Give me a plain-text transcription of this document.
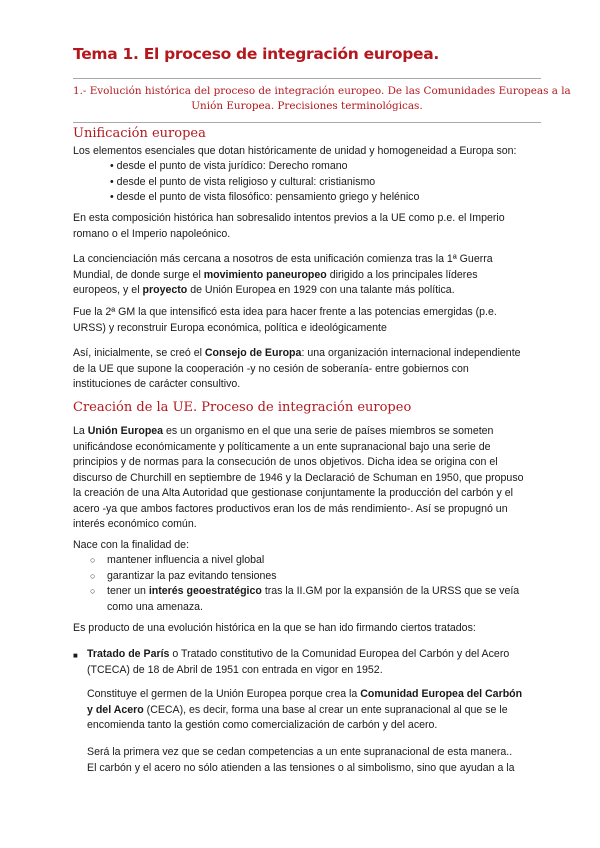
Tema 1. El proceso de integración europea.
1.- Evolución histórica del proceso de integración europeo. De las Comunidades Europeas a la
Unión Europea. Precisiones terminológicas.
Unificación europea
Los elementos esenciales que dotan históricamente de unidad y homogeneidad a Europa son:
• desde el punto de vista jurídico: Derecho romano
• desde el punto de vista religioso y cultural: cristianismo
• desde el punto de vista filosófico: pensamiento griego y helénico
En esta composición histórica han sobresalido intentos previos a la UE como p.e. el Imperio
romano o el Imperio napoleónico.
La concienciación más cercana a nosotros de esta unificación comienza tras la 1ª Guerra
Mundial, de donde surge el movimiento paneuropeo dirigido a los principales líderes
europeos, y el proyecto de Unión Europea en 1929 con una talante más política.
Fue la 2ª GM la que intensificó esta idea para hacer frente a las potencias emergidas (p.e.
URSS) y reconstruir Europa económica, política e ideológicamente
Así, inicialmente, se creó el Consejo de Europa: una organización internacional independiente
de la UE que supone la cooperación -y no cesión de soberanía- entre gobiernos con
instituciones de carácter consultivo.
Creación de la UE. Proceso de integración europeo
La Unión Europea es un organismo en el que una serie de países miembros se someten
unificándose económicamente y políticamente a un ente supranacional bajo una serie de
principios y de normas para la consecución de unos objetivos. Dicha idea se origina con el
discurso de Churchill en septiembre de 1946 y la Declaració de Schuman en 1950, que propuso
la creación de una Alta Autoridad que gestionase conjuntamente la producción del carbón y el
acero -ya que ambos factores productivos eran los de más rendimiento-. Así se propugnó un
interés económico común.
Nace con la finalidad de:
○ mantener influencia a nivel global
○ garantizar la paz evitando tensiones
○ tener un interés geoestratégico tras la II.GM por la expansión de la URSS que se veía
como una amenaza.
Es producto de una evolución histórica en la que se han ido firmando ciertos tratados:
■ Tratado de París o Tratado constitutivo de la Comunidad Europea del Carbón y del Acero
(TCECA) de 18 de Abril de 1951 con entrada en vigor en 1952.
Constituye el germen de la Unión Europea porque crea la Comunidad Europea del Carbón
y del Acero (CECA), es decir, forma una base al crear un ente supranacional al que se le
encomienda tanto la gestión como comercialización de carbón y del acero.
Será la primera vez que se cedan competencias a un ente supranacional de esta manera..
El carbón y el acero no sólo atienden a las tensiones o al simbolismo, sino que ayudan a la
